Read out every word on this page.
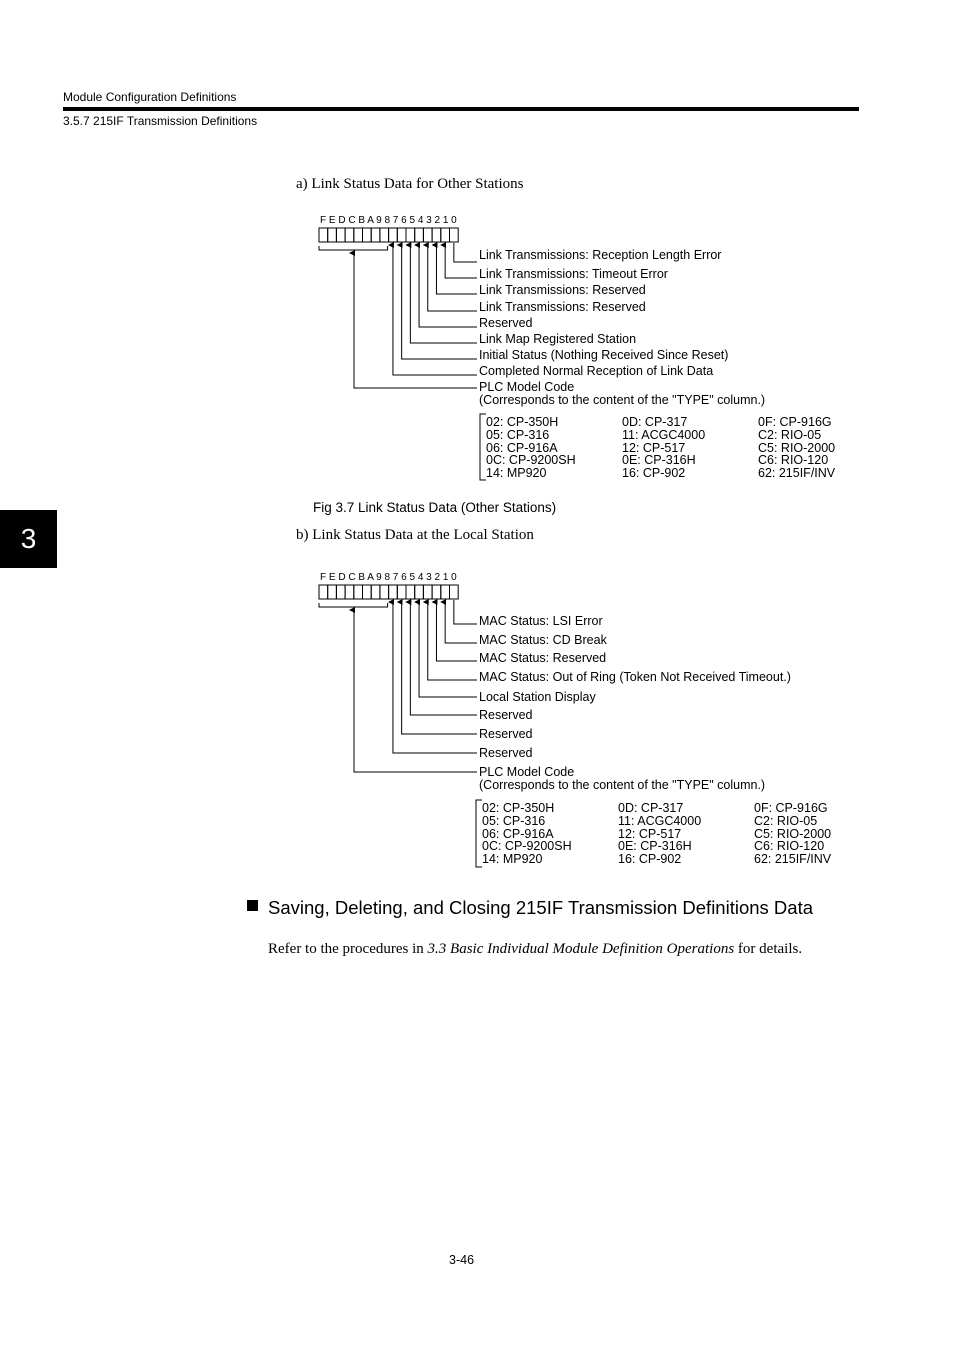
Module Configuration Definitions
3.5.7 215IF Transmission Definitions
3
a) Link Status Data for Other Stations
F E D C B A 9 8 7 6 5 4 3 2 1 0
Link Transmissions: Reception Length Error
Link Transmissions: Timeout Error
Link Transmissions: Reserved
Link Transmissions: Reserved
Reserved
Link Map Registered Station
Initial Status (Nothing Received Since Reset)
Completed Normal Reception of Link Data
PLC Model Code
(Corresponds to the content of the "TYPE" column.)
02: CP-350H
05: CP-316
06: CP-916A
0C: CP-9200SH
14: MP920
0D: CP-317
11: ACGC4000
12: CP-517
0E: CP-316H
16: CP-902
0F: CP-916G
C2: RIO-05
C5: RIO-2000
C6: RIO-120
62: 215IF/INV
Fig 3.7 Link Status Data (Other Stations)
b) Link Status Data at the Local Station
F E D C B A 9 8 7 6 5 4 3 2 1 0
MAC Status: LSI Error
MAC Status: CD Break
MAC Status: Reserved
MAC Status: Out of Ring (Token Not Received Timeout.)
Local Station Display
Reserved
Reserved
Reserved
PLC Model Code
(Corresponds to the content of the "TYPE" column.)
02: CP-350H
05: CP-316
06: CP-916A
0C: CP-9200SH
14: MP920
0D: CP-317
11: ACGC4000
12: CP-517
0E: CP-316H
16: CP-902
0F: CP-916G
C2: RIO-05
C5: RIO-2000
C6: RIO-120
62: 215IF/INV
Saving, Deleting, and Closing 215IF Transmission Definitions Data
Refer to the procedures in 3.3 Basic Individual Module Definition Operations for details.
3-46
